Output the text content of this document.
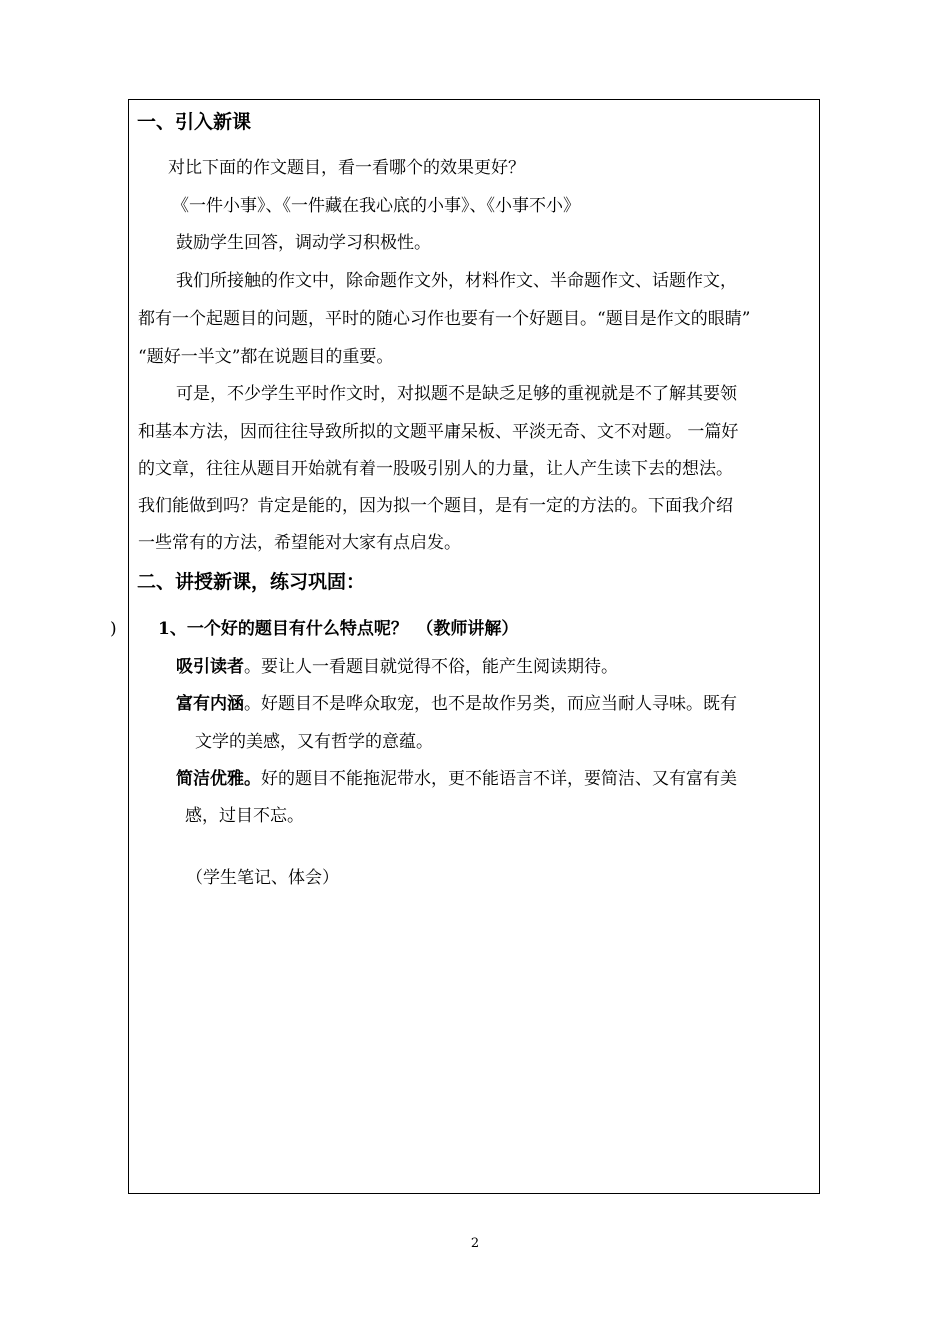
一、引入新课
对比下面的作文题目，看一看哪个的效果更好？
《一件小事》、《一件藏在我心底的小事》、《小事不小》
鼓励学生回答，调动学习积极性。
我们所接触的作文中，除命题作文外，材料作文、半命题作文、话题作文，
都有一个起题目的问题，平时的随心习作也要有一个好题目。“题目是作文的眼睛”
“题好一半文”都在说题目的重要。
可是，不少学生平时作文时，对拟题不是缺乏足够的重视就是不了解其要领
和基本方法，因而往往导致所拟的文题平庸呆板、平淡无奇、文不对题。 一篇好
的文章，往往从题目开始就有着一股吸引别人的力量，让人产生读下去的想法。
我们能做到吗？肯定是能的，因为拟一个题目，是有一定的方法的。下面我介绍
一些常有的方法，希望能对大家有点启发。
二、讲授新课，练习巩固：
) 1、一个好的题目有什么特点呢？　（教师讲解）
吸引读者。要让人一看题目就觉得不俗，能产生阅读期待。
富有内涵。好题目不是哗众取宠，也不是故作另类，而应当耐人寻味。既有
文学的美感，又有哲学的意蕴。
简洁优雅。好的题目不能拖泥带水，更不能语言不详，要简洁、又有富有美
感，过目不忘。
（学生笔记、体会）
2
